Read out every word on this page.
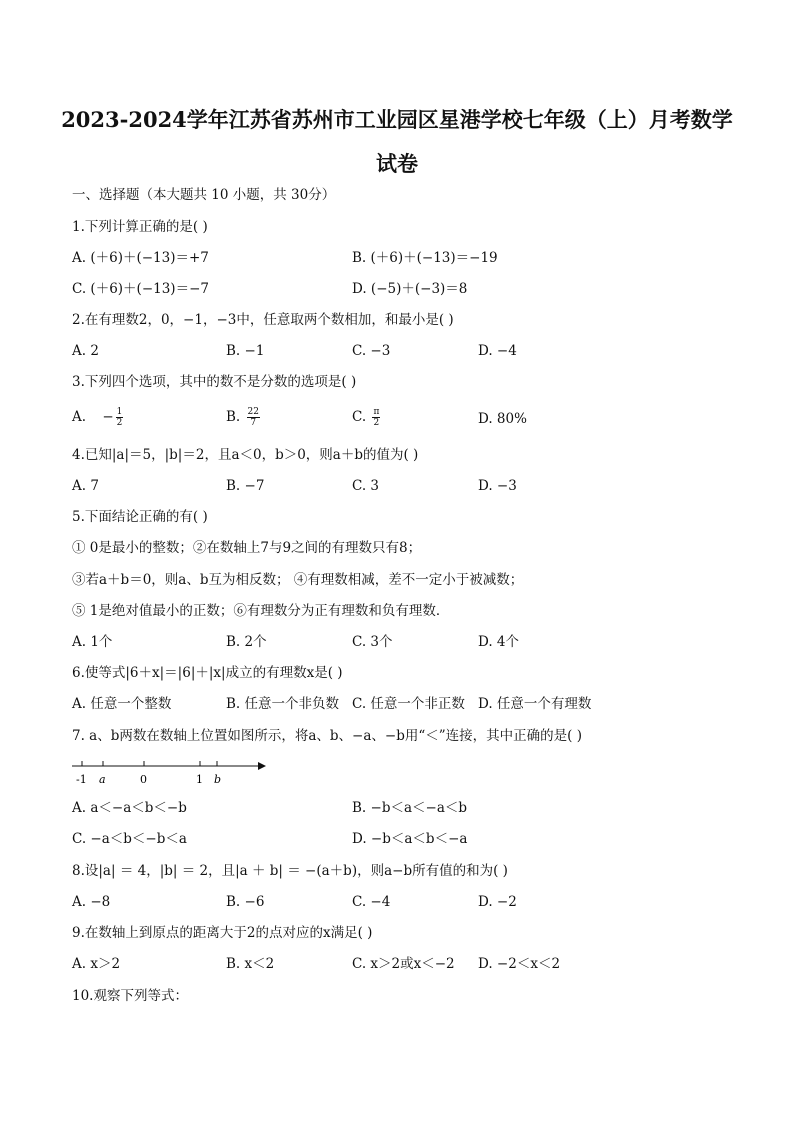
2023-2024学年江苏省苏州市工业园区星港学校七年级（上）月考数学
试卷
一、选择题（本大题共 10 小题，共 30分）
1.下列计算正确的是( )
A. (＋6)＋(−13)＝+7	B. (＋6)＋(−13)＝−19
C. (＋6)＋(−13)＝−7	D. (−5)＋(−3)＝8
2.在有理数2，0，−1，−3中，任意取两个数相加，和最小是( )
A. 2	B. −1	C. −3	D. −4
3.下列四个选项，其中的数不是分数的选项是( )
A. − $\frac{1}{2}$	B. $\frac{22}{7}$	C. $\frac{\pi}{2}$	D. 80%
4.已知|a|＝5，|b|＝2，且a＜0，b＞0，则a＋b的值为( )
A. 7	B. −7	C. 3	D. −3
5.下面结论正确的有( )
① 0是最小的整数；②在数轴上7与9之间的有理数只有8；
③若a＋b＝0，则a、b互为相反数； ④有理数相减，差不一定小于被减数；
⑤ 1是绝对值最小的正数；⑥有理数分为正有理数和负有理数．
A. 1个	B. 2个	C. 3个	D. 4个
6.使等式|6＋x|＝|6|＋|x|成立的有理数x是( )
A. 任意一个整数	B. 任意一个非负数 C. 任意一个非正数 D. 任意一个有理数
7. a、b两数在数轴上位置如图所示，将a、b、−a、−b用“＜”连接，其中正确的是( )
-1 a	0	1 b
A. a＜−a＜b＜−b	B. −b＜a＜−a＜b
C. −a＜b＜−b＜a	D. −b＜a＜b＜−a
8.设|a| ＝ 4，|b| ＝ 2，且|a ＋ b| ＝ −(a＋b)，则a−b所有值的和为( )
A. −8	B. −6	C. −4	D. −2
9.在数轴上到原点的距离大于2的点对应的x满足( )
A. x＞2	B. x＜2	C. x＞2或x＜−2 D. −2＜x＜2
10.观察下列等式：
